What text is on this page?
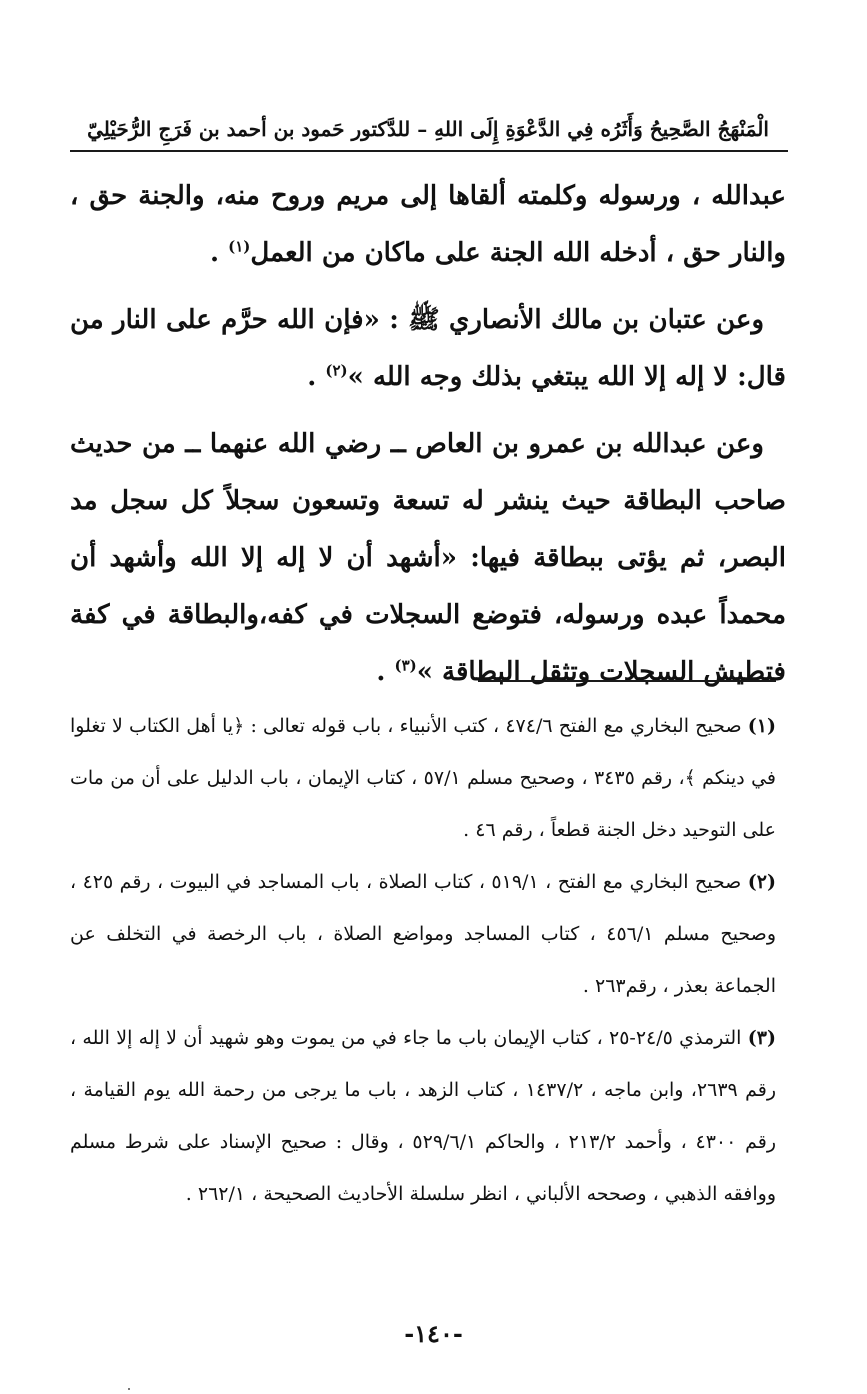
الْمَنْهَجُ الصَّحِيحُ وَأَثَرُه فِي الدَّعْوَةِ إِلَى اللهِ – للدَّكتور حَمود بن أحمد بن فَرَجِ الرُّحَيْلِيّ

عبدالله ، ورسوله وكلمته ألقاها إلى مريم وروح منه، والجنة حق ، والنار حق ، أدخله الله الجنة على ماكان من العمل$^{(١)}$ .

وعن عتبان بن مالك الأنصاري ﷺ : «فإن الله حرَّم على النار من قال: لا إله إلا الله يبتغي بذلك وجه الله »$^{(٢)}$ .

وعن عبدالله بن عمرو بن العاص ــ رضي الله عنهما ــ من حديث صاحب البطاقة حيث ينشر له تسعة وتسعون سجلاً كل سجل مد البصر، ثم يؤتى ببطاقة فيها: «أشهد أن لا إله إلا الله وأشهد أن محمداً عبده ورسوله، فتوضع السجلات في كفه،والبطاقة في كفة فتطيش السجلات وتثقل البطاقة »$^{(٣)}$ .

(١) صحيح البخاري مع الفتح ٤٧٤/٦ ، كتب الأنبياء ، باب قوله تعالى : ﴿يا أهل الكتاب لا تغلوا في دينكم ﴾، رقم ٣٤٣٥ ، وصحيح مسلم ٥٧/١ ، كتاب الإيمان ، باب الدليل على أن من مات على التوحيد دخل الجنة قطعاً ، رقم ٤٦ .

(٢) صحيح البخاري مع الفتح ، ٥١٩/١ ، كتاب الصلاة ، باب المساجد في البيوت ، رقم ٤٢٥ ، وصحيح مسلم ٤٥٦/١ ، كتاب المساجد ومواضع الصلاة ، باب الرخصة في التخلف عن الجماعة بعذر ، رقم٢٦٣ .

(٣) الترمذي ٢٤/٥-٢٥ ، كتاب الإيمان باب ما جاء في من يموت وهو شهيد أن لا إله إلا الله ، رقم ٢٦٣٩، وابن ماجه ، ١٤٣٧/٢ ، كتاب الزهد ، باب ما يرجى من رحمة الله يوم القيامة ، رقم ٤٣٠٠ ، وأحمد ٢١٣/٢ ، والحاكم ٥٢٩/٦/١ ، وقال : صحيح الإسناد على شرط مسلم ووافقه الذهبي ، وصححه الألباني ، انظر سلسلة الأحاديث الصحيحة ، ٢٦٢/١ .

-١٤٠-
